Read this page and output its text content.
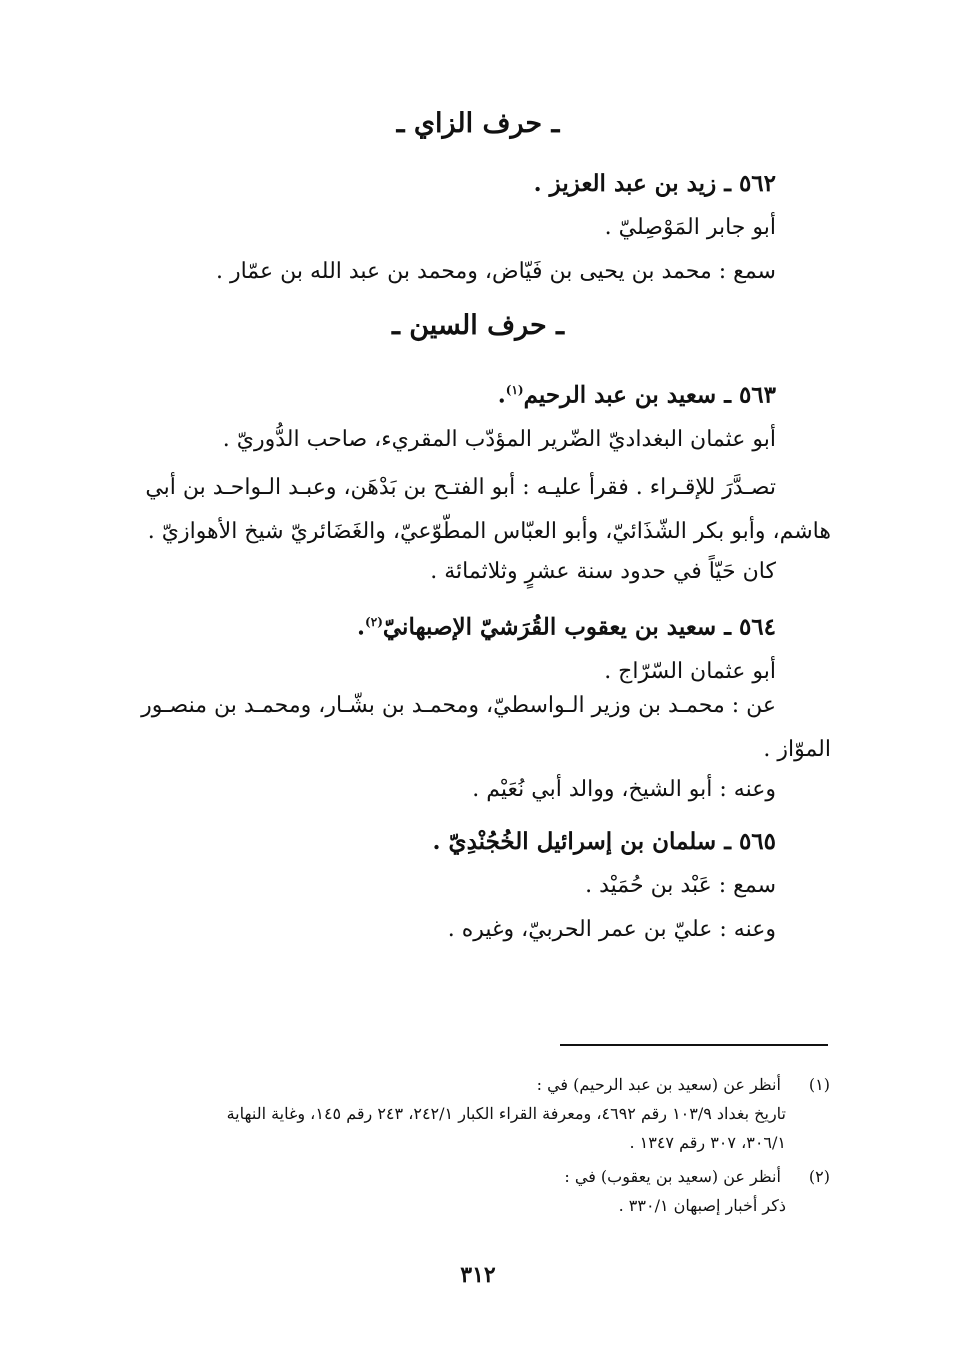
ـ حرف الزاي ـ
٥٦٢ ـ زيد بن عبد العزيز .
أبو جابر المَوْصِليّ .
سمع : محمد بن يحيى بن فَيّاض، ومحمد بن عبد الله بن عمّار .
ـ حرف السين ـ
٥٦٣ ـ سعيد بن عبد الرحيم$^{(١)}$.
أبو عثمان البغداديّ الضّرير المؤدّب المقريء، صاحب الدُّوريّ .
تصـدَّرَ للإقـراء . فقرأ عليـه : أبو الفتـح بن بَدْهَن، وعبـد الـواحـد بن أبي
هاشم، وأبو بكر الشّذَائيّ، وأبو العبّاس المطّوّعيّ، والغَضَائريّ شيخ الأهوازيّ .
كان حَيّاً في حدود سنة عشرٍ وثلاثمائة .
٥٦٤ ـ سعيد بن يعقوب القُرَشيّ الإصبهانيّ$^{(٢)}$.
أبو عثمان السّرّاج .
عن : محمـد بن وزير الـواسطيّ، ومحمـد بن بشّـار، ومحمـد بن منصـور
الموّاز .
وعنه : أبو الشيخ، ووالد أبي نُعَيْم .
٥٦٥ ـ سلمان بن إسرائيل الخُجُنْدِيّ .
سمع : عَبْد بن حُمَيْد .
وعنه : عليّ بن عمر الحربيّ، وغيره .
(١) أنظر عن (سعيد بن عبد الرحيم) في :
تاريخ بغداد ١٠٣/٩ رقم ٤٦٩٢، ومعرفة القراء الكبار ٢٤٢/١، ٢٤٣ رقم ١٤٥، وغاية النهاية
٣٠٦/١، ٣٠٧ رقم ١٣٤٧ .
(٢) أنظر عن (سعيد بن يعقوب) في :
ذكر أخبار إصبهان ٣٣٠/١ .
٣١٢
